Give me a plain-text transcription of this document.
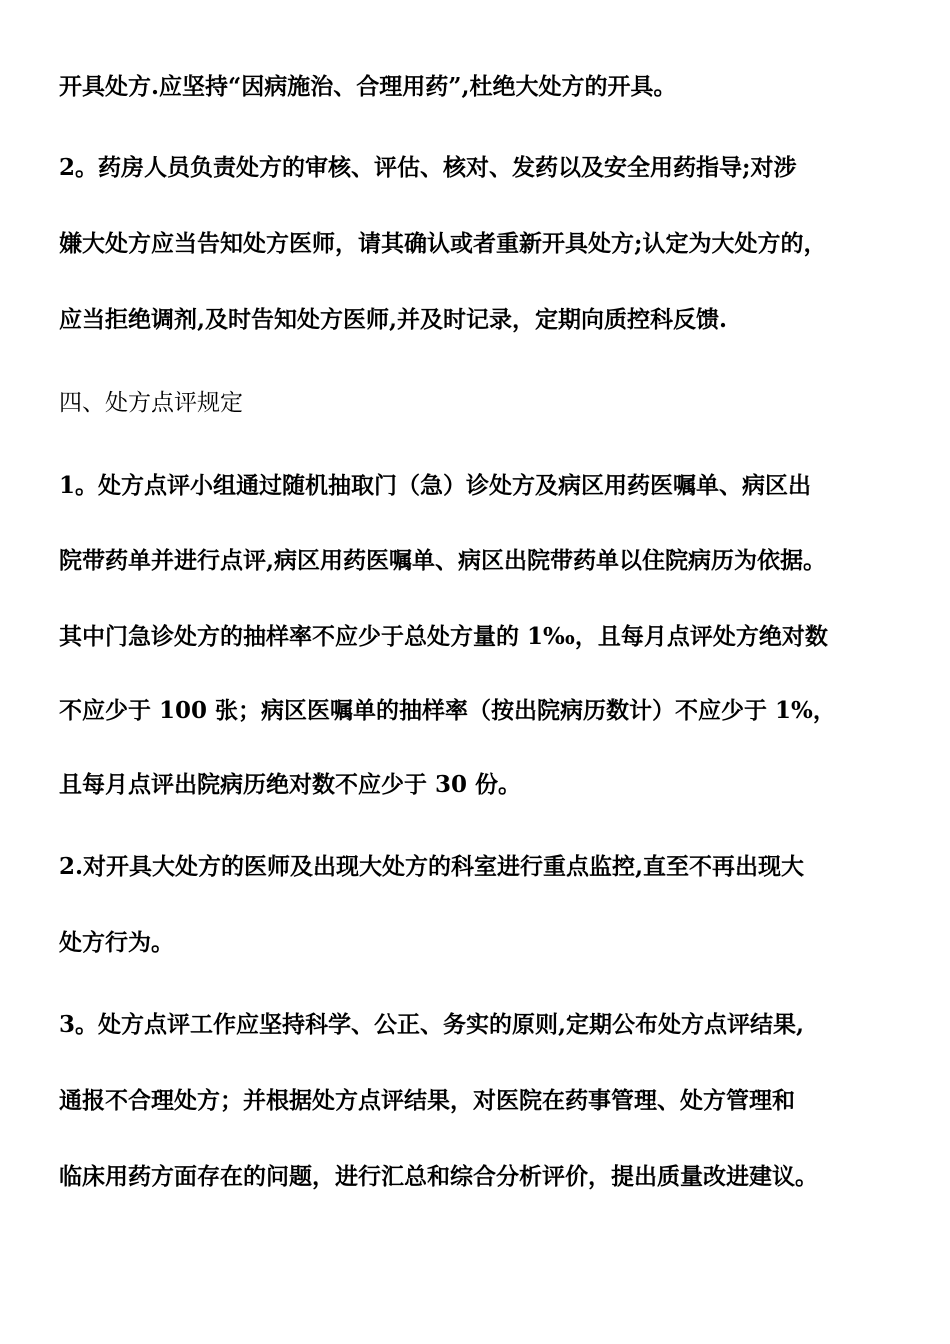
开具处方.应坚持“因病施治、合理用药”,杜绝大处方的开具。

2。药房人员负责处方的审核、评估、核对、发药以及安全用药指导;对涉

嫌大处方应当告知处方医师，请其确认或者重新开具处方;认定为大处方的，

应当拒绝调剂,及时告知处方医师,并及时记录，定期向质控科反馈.

四、处方点评规定

1。处方点评小组通过随机抽取门（急）诊处方及病区用药医嘱单、病区出

院带药单并进行点评,病区用药医嘱单、病区出院带药单以住院病历为依据。

其中门急诊处方的抽样率不应少于总处方量的 1‰，且每月点评处方绝对数

不应少于 100 张；病区医嘱单的抽样率（按出院病历数计）不应少于 1%，

且每月点评出院病历绝对数不应少于 30 份。

2.对开具大处方的医师及出现大处方的科室进行重点监控,直至不再出现大

处方行为。

3。处方点评工作应坚持科学、公正、务实的原则,定期公布处方点评结果,

通报不合理处方；并根据处方点评结果，对医院在药事管理、处方管理和

临床用药方面存在的问题，进行汇总和综合分析评价，提出质量改进建议。
